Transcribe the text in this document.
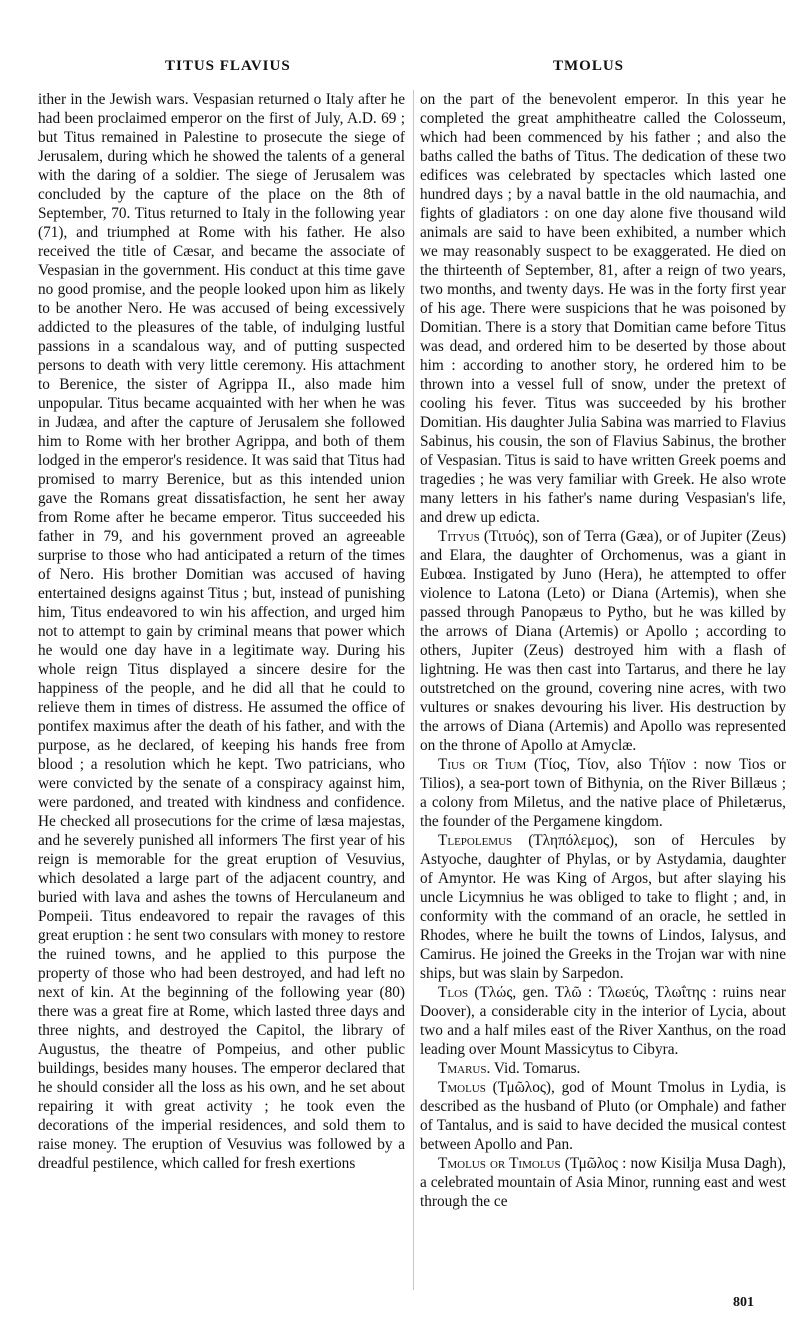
TITUS FLAVIUS	TMOLUS

ither in the Jewish wars. Vespasian returned o Italy after he had been proclaimed emperor on the first of July, A.D. 69 ; but Titus remained in Palestine to prosecute the siege of Jerusalem, during which he showed the talents of a general with the daring of a soldier. The siege of Jerusalem was concluded by the capture of the place on the 8th of September, 70. Titus returned to Italy in the following year (71), and triumphed at Rome with his father. He also received the title of Cæsar, and became the associate of Vespasian in the government. His conduct at this time gave no good promise, and the people looked upon him as likely to be another Nero. He was accused of being excessively addicted to the pleasures of the table, of indulging lustful passions in a scandalous way, and of putting suspected persons to death with very little ceremony. His attachment to Berenice, the sister of Agrippa II., also made him unpopular. Titus became acquainted with her when he was in Judæa, and after the capture of Jerusalem she followed him to Rome with her brother Agrippa, and both of them lodged in the emperor's residence. It was said that Titus had promised to marry Berenice, but as this intended union gave the Romans great dissatisfaction, he sent her away from Rome after he became emperor. Titus succeeded his father in 79, and his government proved an agreeable surprise to those who had anticipated a return of the times of Nero. His brother Domitian was accused of having entertained designs against Titus ; but, instead of punishing him, Titus endeavored to win his affection, and urged him not to attempt to gain by criminal means that power which he would one day have in a legitimate way. During his whole reign Titus displayed a sincere desire for the happiness of the people, and he did all that he could to relieve them in times of distress. He assumed the office of pontifex maximus after the death of his father, and with the purpose, as he declared, of keeping his hands free from blood ; a resolution which he kept. Two patricians, who were convicted by the senate of a conspiracy against him, were pardoned, and treated with kindness and confidence. He checked all prosecutions for the crime of læsa majestas, and he severely punished all informers The first year of his reign is memorable for the great eruption of Vesuvius, which desolated a large part of the adjacent country, and buried with lava and ashes the towns of Herculaneum and Pompeii. Titus endeavored to repair the ravages of this great eruption : he sent two consulars with money to restore the ruined towns, and he applied to this purpose the property of those who had been destroyed, and had left no next of kin. At the beginning of the following year (80) there was a great fire at Rome, which lasted three days and three nights, and destroyed the Capitol, the library of Augustus, the theatre of Pompeius, and other public buildings, besides many houses. The emperor declared that he should consider all the loss as his own, and he set about repairing it with great activity ; he took even the decorations of the imperial residences, and sold them to raise money. The eruption of Vesuvius was followed by a dreadful pestilence, which called for fresh exertions

on the part of the benevolent emperor. In this year he completed the great amphitheatre called the Colosseum, which had been commenced by his father ; and also the baths called the baths of Titus. The dedication of these two edifices was celebrated by spectacles which lasted one hundred days ; by a naval battle in the old naumachia, and fights of gladiators : on one day alone five thousand wild animals are said to have been exhibited, a number which we may reasonably suspect to be exaggerated. He died on the thirteenth of September, 81, after a reign of two years, two months, and twenty days. He was in the forty first year of his age. There were suspicions that he was poisoned by Domitian. There is a story that Domitian came before Titus was dead, and ordered him to be deserted by those about him : according to another story, he ordered him to be thrown into a vessel full of snow, under the pretext of cooling his fever. Titus was succeeded by his brother Domitian. His daughter Julia Sabina was married to Flavius Sabinus, his cousin, the son of Flavius Sabinus, the brother of Vespasian. Titus is said to have written Greek poems and tragedies ; he was very familiar with Greek. He also wrote many letters in his father's name during Vespasian's life, and drew up edicta.

Tityus (Τιτυός), son of Terra (Gæa), or of Jupiter (Zeus) and Elara, the daughter of Orchomenus, was a giant in Eubœa. Instigated by Juno (Hera), he attempted to offer violence to Latona (Leto) or Diana (Artemis), when she passed through Panopæus to Pytho, but he was killed by the arrows of Diana (Artemis) or Apollo ; according to others, Jupiter (Zeus) destroyed him with a flash of lightning. He was then cast into Tartarus, and there he lay outstretched on the ground, covering nine acres, with two vultures or snakes devouring his liver. His destruction by the arrows of Diana (Artemis) and Apollo was represented on the throne of Apollo at Amyclæ.

Tius or Tium (Τίος, Τίον, also Τήϊον : now Tios or Tilios), a sea-port town of Bithynia, on the River Billæus ; a colony from Miletus, and the native place of Philetærus, the founder of the Pergamene kingdom.

Tlepolemus (Τληπόλεμος), son of Hercules by Astyoche, daughter of Phylas, or by Astydamia, daughter of Amyntor. He was King of Argos, but after slaying his uncle Licymnius he was obliged to take to flight ; and, in conformity with the command of an oracle, he settled in Rhodes, where he built the towns of Lindos, Ialysus, and Camirus. He joined the Greeks in the Trojan war with nine ships, but was slain by Sarpedon.

Tlos (Τλώς, gen. Τλῶ : Τλωεύς, Τλωΐτης : ruins near Doover), a considerable city in the interior of Lycia, about two and a half miles east of the River Xanthus, on the road leading over Mount Massicytus to Cibyra.

Tmarus. Vid. Tomarus.

Tmolus (Τμῶλος), god of Mount Tmolus in Lydia, is described as the husband of Pluto (or Omphale) and father of Tantalus, and is said to have decided the musical contest between Apollo and Pan.

Tmolus or Timolus (Τμῶλος : now Kisilja Musa Dagh), a celebrated mountain of Asia Minor, running east and west through the ce

801
